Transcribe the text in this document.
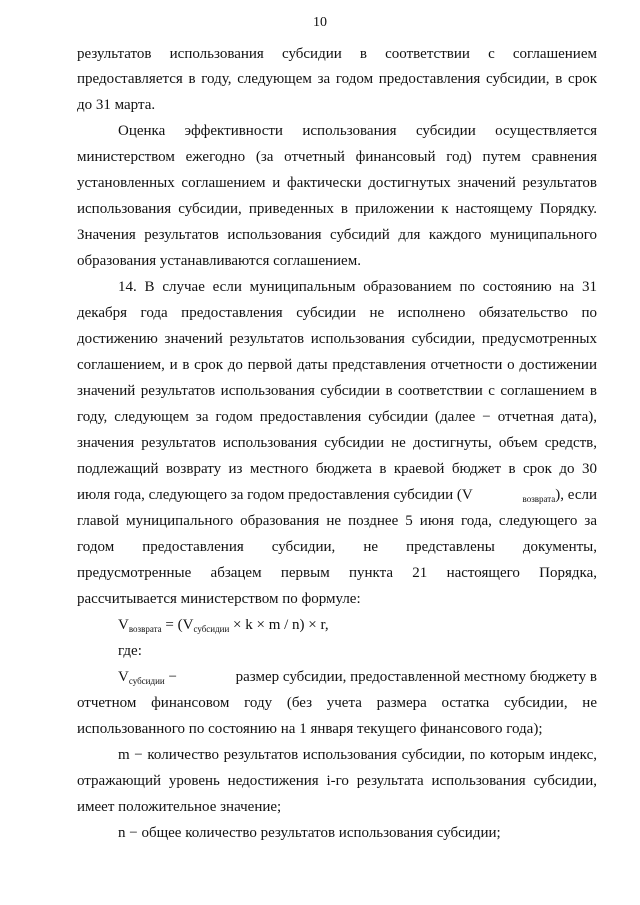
10
результатов использования субсидии в соответствии с соглашением
предоставляется в году, следующем за годом предоставления субсидии, в срок
до 31 марта.
Оценка эффективности использования субсидии осуществляется
министерством ежегодно (за отчетный финансовый год) путем сравнения
установленных соглашением и фактически достигнутых значений результатов
использования субсидии, приведенных в приложении к настоящему Порядку.
Значения результатов использования субсидий для каждого муниципального
образования устанавливаются соглашением.
14. В случае если муниципальным образованием по состоянию на 31
декабря года предоставления субсидии не исполнено обязательство по
достижению значений результатов использования субсидии, предусмотренных
соглашением, и в срок до первой даты представления отчетности о достижении
значений результатов использования субсидии в соответствии с соглашением в
году, следующем за годом предоставления субсидии (далее − отчетная дата),
значения результатов использования субсидии не достигнуты, объем средств,
подлежащий возврату из местного бюджета в краевой бюджет в срок до 30
июля года, следующего за годом предоставления субсидии (V	$_{возврата}$), если
главой муниципального образования не позднее 5 июня года, следующего за
годом предоставления субсидии, не представлены документы,
предусмотренные абзацем первым пункта 21 настоящего Порядка,
рассчитывается министерством по формуле:
$V_{возврата} = (V_{субсидии} \times k \times m / n) \times r$,
где:
$V_{субсидии}$ −	размер субсидии, предоставленной местному бюджету в
отчетном финансовом году (без учета размера остатка субсидии, не
использованного по состоянию на 1 января текущего финансового года);
m − количество результатов использования субсидии, по которым индекс,
отражающий уровень недостижения i-го результата использования субсидии,
имеет положительное значение;
n − общее количество результатов использования субсидии;
